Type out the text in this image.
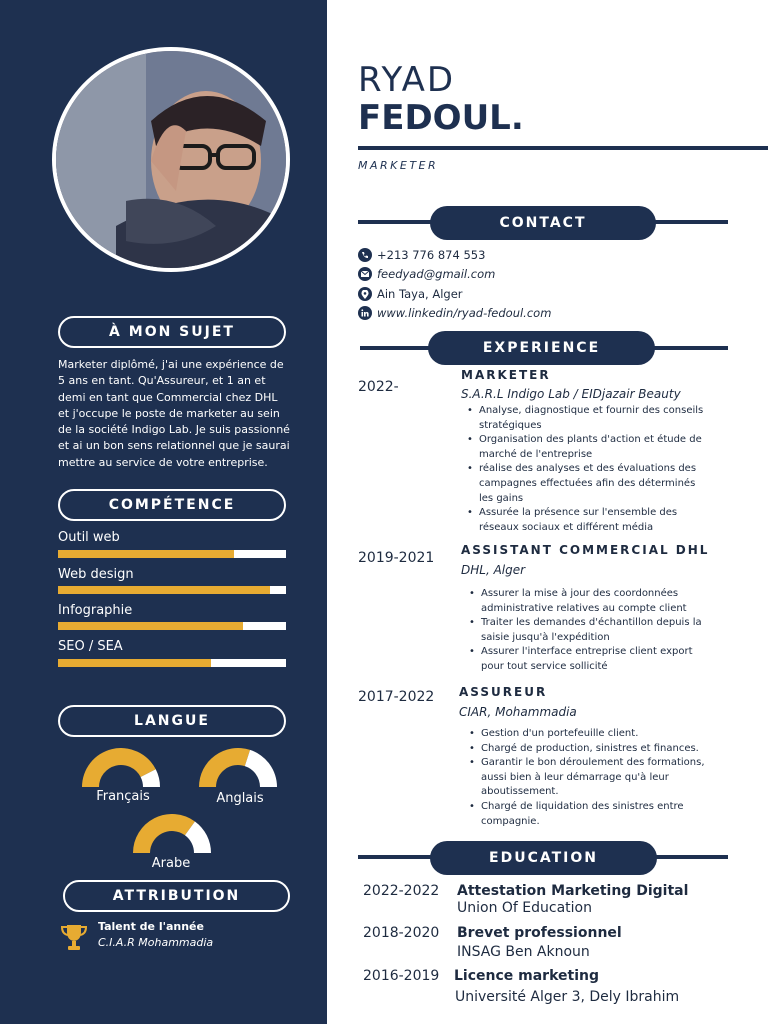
À MON SUJET
Marketer diplômé, j'ai une expérience de 5 ans en tant. Qu'Assureur, et 1 an et demi en tant que Commercial chez DHL et j'occupe le poste de marketer au sein de la société Indigo Lab. Je suis passionné et ai un bon sens relationnel que je saurai mettre au service de votre entreprise.
COMPÉTENCE
Outil web
Web design
Infographie
SEO / SEA
LANGUE
Français	Anglais
Arabe
ATTRIBUTION
Talent de l'année
C.I.A.R Mohammadia
RYAD
FEDOUL.
MARKETER
CONTACT
+213 776 874 553
feedyad@gmail.com
Ain Taya, Alger
www.linkedin/ryad-fedoul.com
EXPERIENCE
2022-
MARKETER
S.A.R.L Indigo Lab / EIDjazair Beauty
• Analyse, diagnostique et fournir des conseils
stratégiques
• Organisation des plants d'action et étude de
marché de l'entreprise
• réalise des analyses et des évaluations des
campagnes effectuées afin des déterminés
les gains
• Assurée la présence sur l'ensemble des
réseaux sociaux et différent média
2019-2021 ASSISTANT COMMERCIAL DHL
DHL, Alger
• Assurer la mise à jour des coordonnées
administrative relatives au compte client
• Traiter les demandes d'échantillon depuis la
saisie jusqu'à l'expédition
• Assurer l'interface entreprise client export
pour tout service sollicité
2017-2022 ASSUREUR
CIAR, Mohammadia
• Gestion d'un portefeuille client.
• Chargé de production, sinistres et finances.
• Garantir le bon déroulement des formations,
aussi bien à leur démarrage qu'à leur
aboutissement.
• Chargé de liquidation des sinistres entre
compagnie.
EDUCATION
2022-2022 Attestation Marketing Digital
Union Of Education
2018-2020 Brevet professionnel
INSAG Ben Aknoun
2016-2019 Licence marketing
Université Alger 3, Dely Ibrahim
